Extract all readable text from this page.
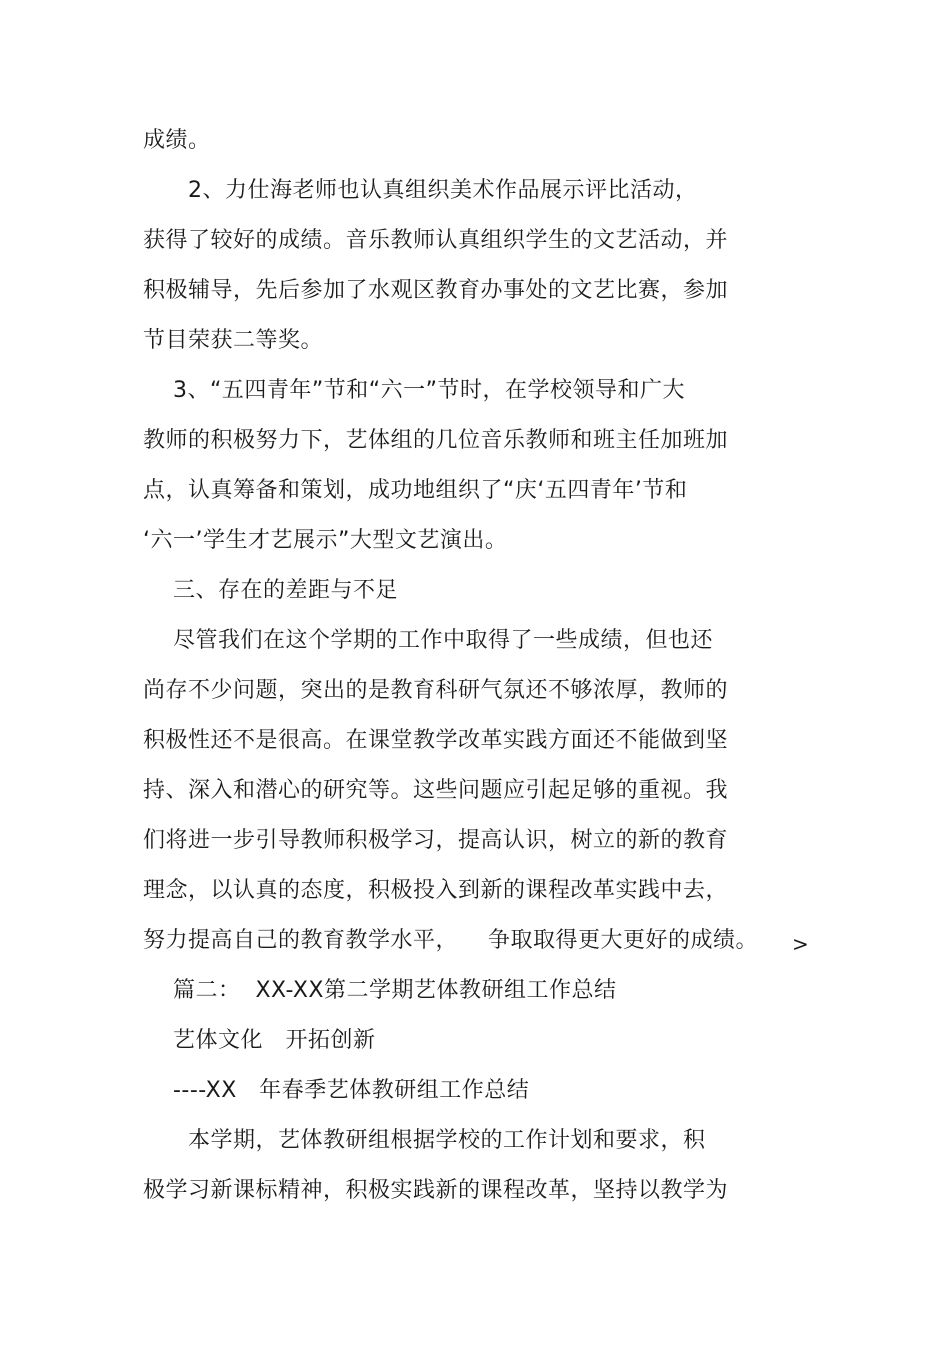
成绩。
2、力仕海老师也认真组织美术作品展示评比活动，
获得了较好的成绩。音乐教师认真组织学生的文艺活动，并
积极辅导，先后参加了水观区教育办事处的文艺比赛，参加
节目荣获二等奖。
3、“五四青年”节和“六一”节时，在学校领导和广大
教师的积极努力下，艺体组的几位音乐教师和班主任加班加
点，认真筹备和策划，成功地组织了“庆‘五四青年’节和
‘六一’学生才艺展示”大型文艺演出。
三、存在的差距与不足
尽管我们在这个学期的工作中取得了一些成绩，但也还
尚存不少问题，突出的是教育科研气氛还不够浓厚，教师的
积极性还不是很高。在课堂教学改革实践方面还不能做到坚
持、深入和潜心的研究等。这些问题应引起足够的重视。我
们将进一步引导教师积极学习，提高认识，树立的新的教育
理念，以认真的态度，积极投入到新的课程改革实践中去，
努力提高自己的教育教学水平，    争取取得更大更好的成绩。
篇二：  XX-XX第二学期艺体教研组工作总结
艺体文化   开拓创新
----XX   年春季艺体教研组工作总结
本学期，艺体教研组根据学校的工作计划和要求，积
极学习新课标精神，积极实践新的课程改革，坚持以教学为
>
